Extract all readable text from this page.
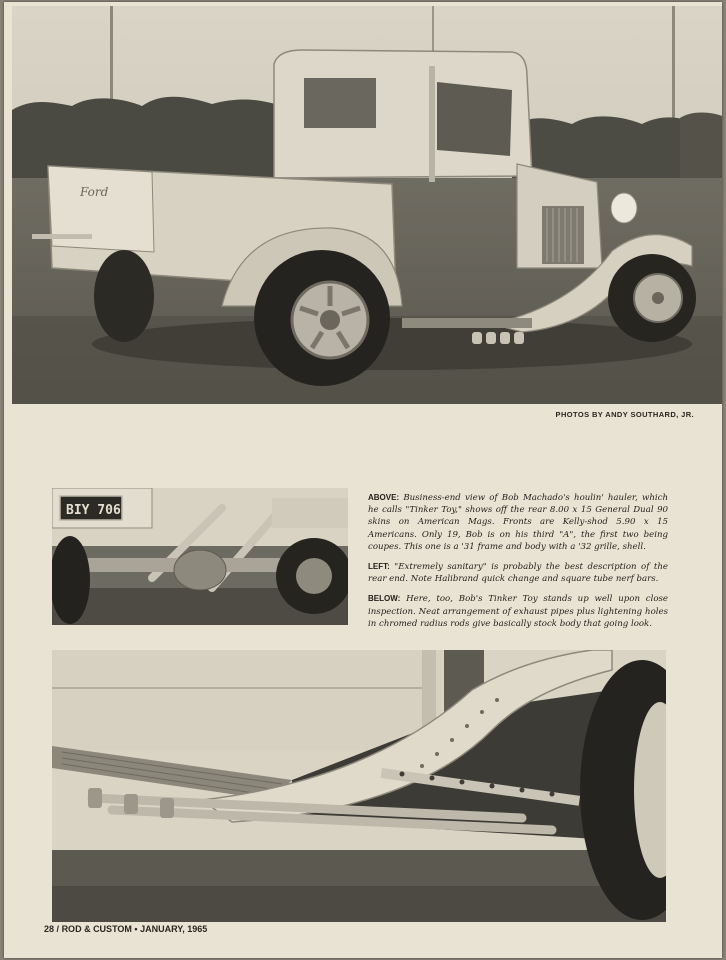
Ford
PHOTOS BY ANDY SOUTHARD, JR.
BIY 706

ABOVE: Business-end view of Bob Machado's houlin' hauler, which he calls "Tinker Toy," shows off the rear 8.00 x 15 General Dual 90 skins on American Mags. Fronts are Kelly-shod 5.90 x 15 Americans. Only 19, Bob is on his third "A", the first two being coupes. This one is a '31 frame and body with a '32 grille, shell.

LEFT: "Extremely sanitary" is probably the best description of the rear end. Note Halibrand quick change and square tube nerf bars.

BELOW: Here, too, Bob's Tinker Toy stands up well upon close inspection. Neat arrangement of exhaust pipes plus lightening holes in chromed radius rods give basically stock body that going look.

28 / ROD & CUSTOM • JANUARY, 1965
